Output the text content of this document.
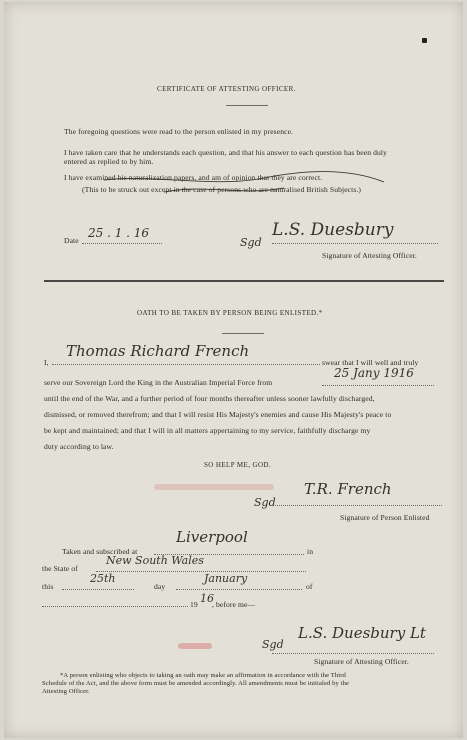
CERTIFICATE OF ATTESTING OFFICER.
The foregoing questions were read to the person enlisted in my presence.
I have taken care that he understands each question, and that his answer to each question has been duly
entered as replied to by him.
I have examined his naturalization papers, and am of opinion that they are correct.
(This to be struck out except in the case of persons who are naturalised British Subjects.)
Date
25 . 1 . 16
Sgd
L.S. Duesbury
Signature of Attesting Officer.
OATH TO BE TAKEN BY PERSON BEING ENLISTED.*
I,
Thomas Richard French
swear that I will well and truly
serve our Sovereign Lord the King in the Australian Imperial Force from
25 Jany 1916
until the end of the War, and a further period of four months thereafter unless sooner lawfully discharged,
dismissed, or removed therefrom; and that I will resist His Majesty's enemies and cause His Majesty's peace to
be kept and maintained; and that I will in all matters appertaining to my service, faithfully discharge my
duty according to law.
SO HELP ME, GOD.
Sgd
T.R. French
Signature of Person Enlisted
Taken and subscribed at
Liverpool
in
the State of
New South Wales
this
25th
day
January
of
19 16
, before me—
Sgd
L.S. Duesbury Lt
Signature of Attesting Officer.
*A person enlisting who objects to taking an oath may make an affirmation in accordance with the Third
Schedule of the Act, and the above form must be amended accordingly. All amendments must be initialed by the
Attesting Officer.
